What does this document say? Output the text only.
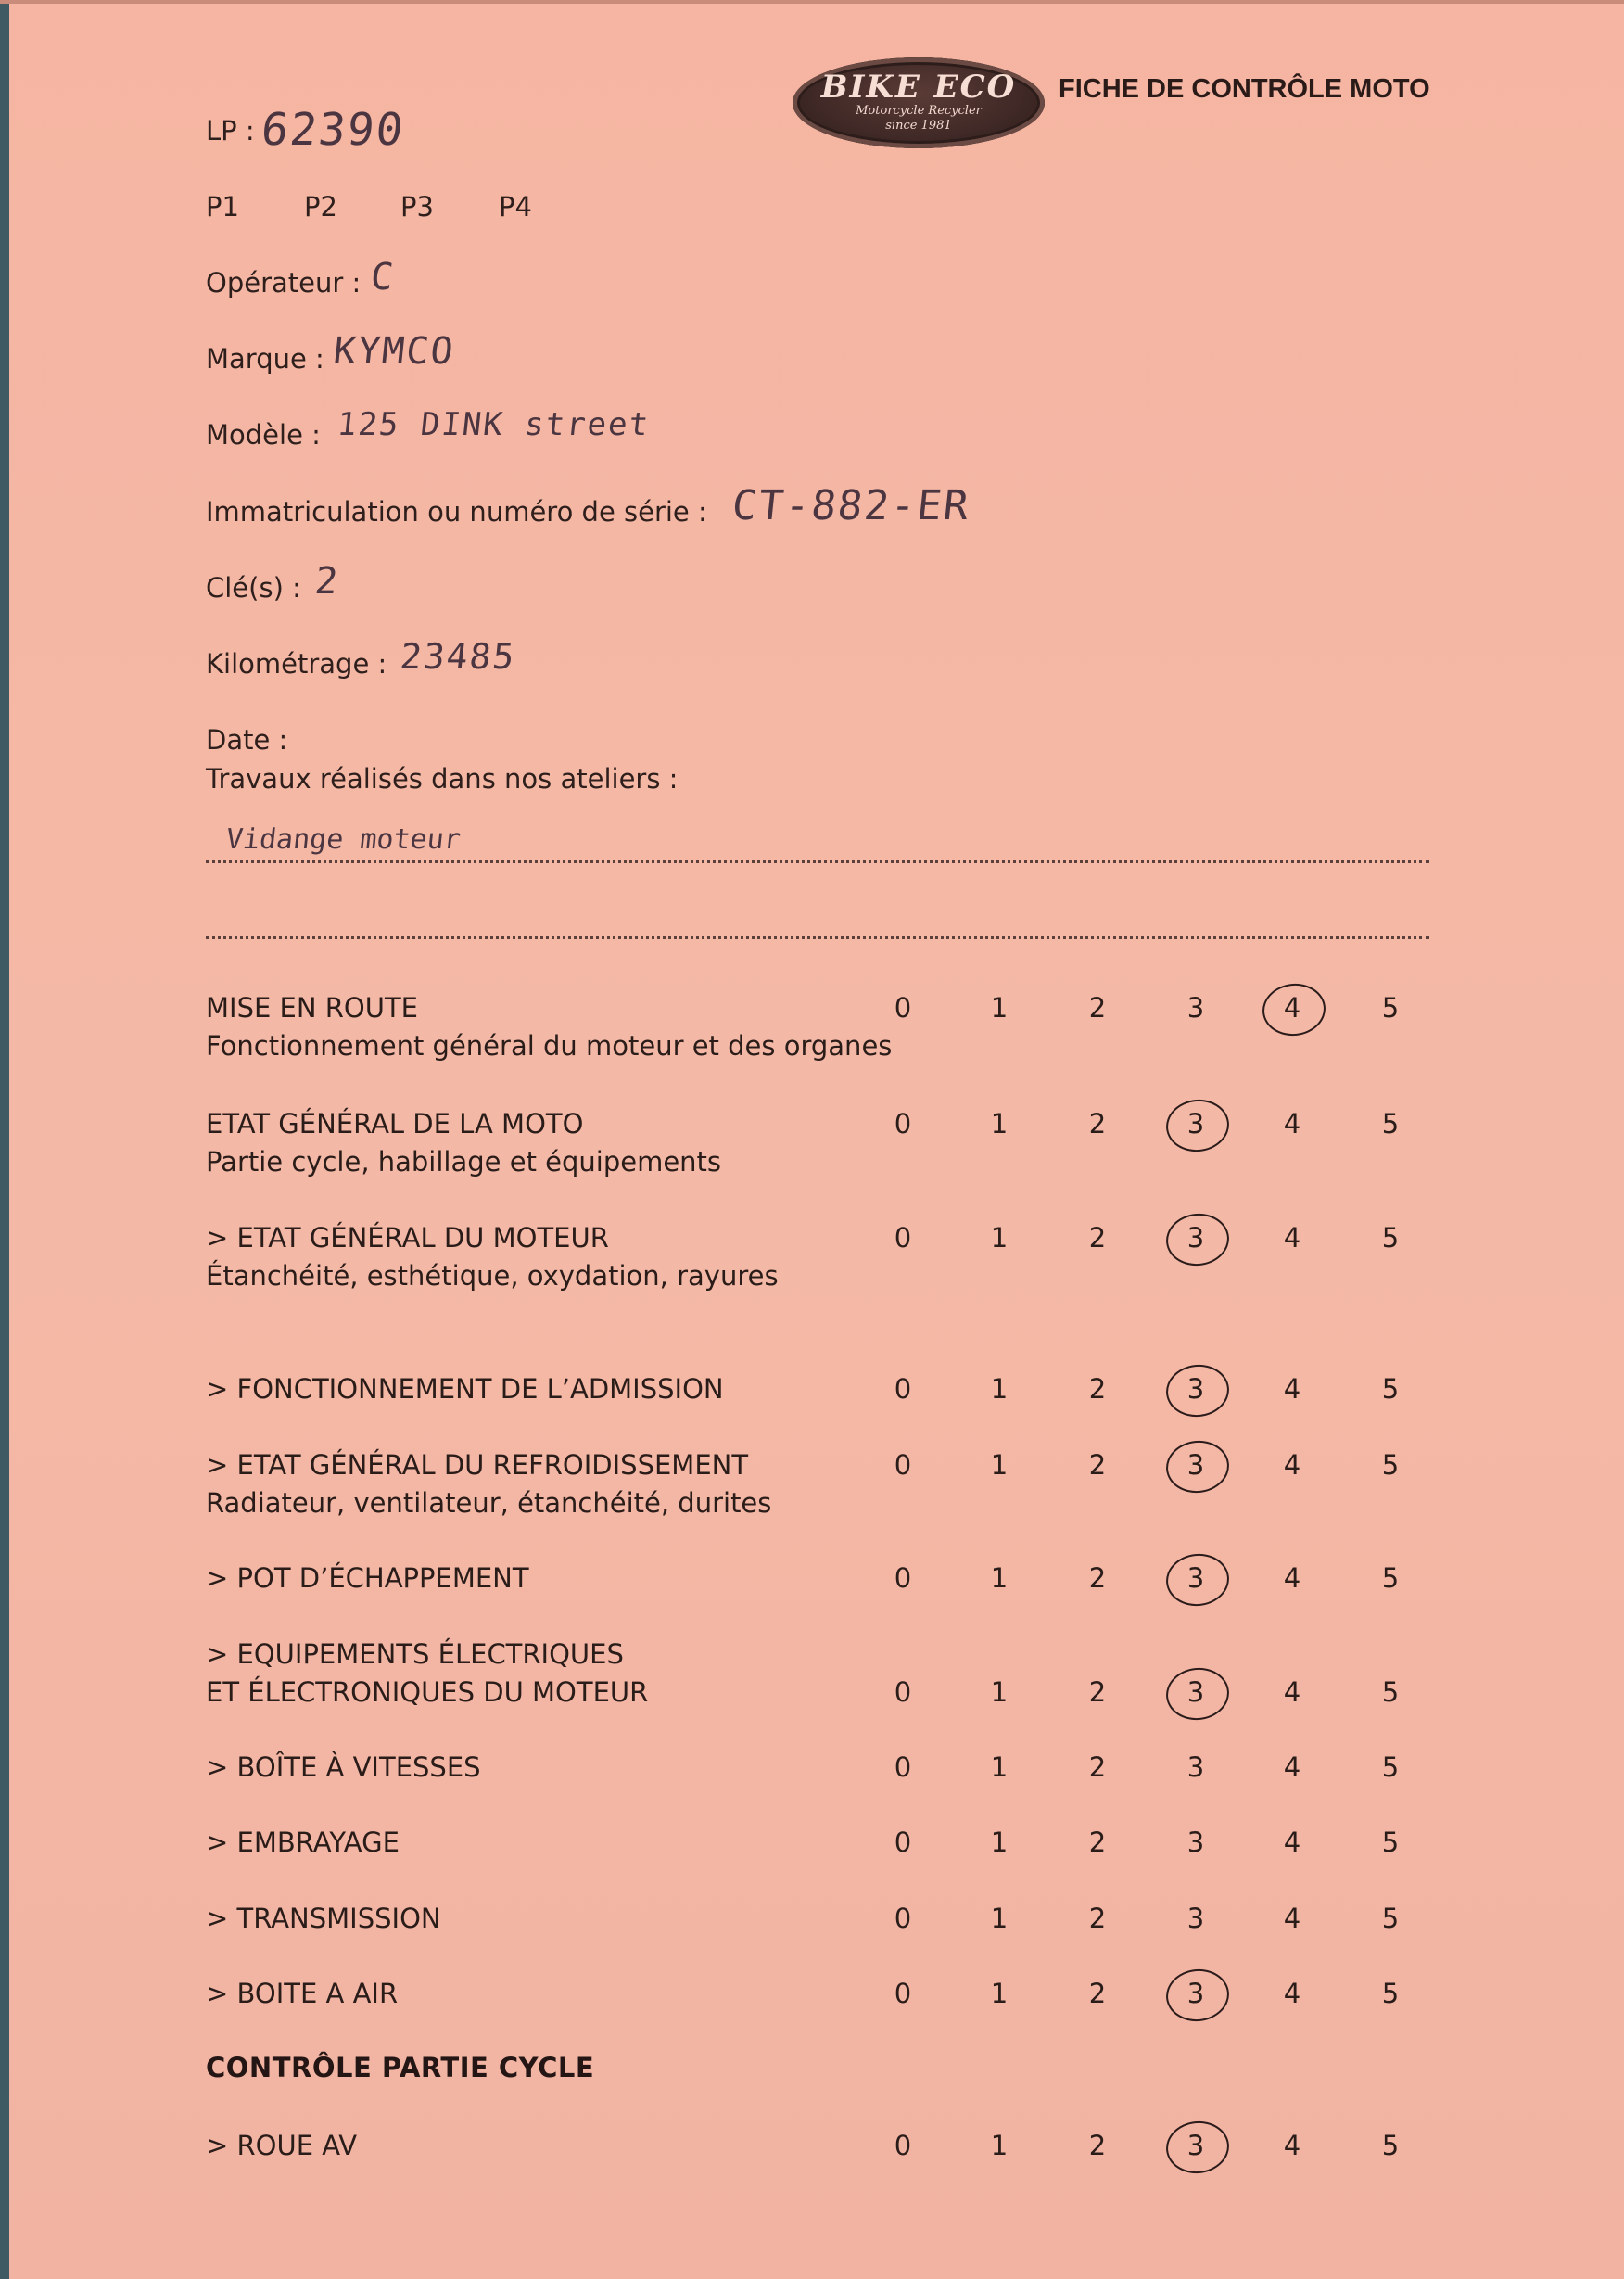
BIKE ECO
Motorcycle Recycler
since 1981
FICHE DE CONTRÔLE MOTO
LP : 62390
P1 P2 P3 P4
Opérateur : C
Marque : KYMCO
Modèle : 125 DINK street
Immatriculation ou numéro de série : CT-882-ER
Clé(s) : 2
Kilométrage : 23485
Date :
Travaux réalisés dans nos ateliers :
Vidange moteur
MISE EN ROUTE
Fonctionnement général du moteur et des organes
0	1	2	3	4	5
ETAT GÉNÉRAL DE LA MOTO
Partie cycle, habillage et équipements
0	1	2	3	4	5
> ETAT GÉNÉRAL DU MOTEUR
Étanchéité, esthétique, oxydation, rayures
0	1	2	3	4	5
> FONCTIONNEMENT DE L’ADMISSION	0	1	2	3	4	5
> ETAT GÉNÉRAL DU REFROIDISSEMENT
Radiateur, ventilateur, étanchéité, durites
0	1	2	3	4	5
> POT D’ÉCHAPPEMENT	0	1	2	3	4	5
> EQUIPEMENTS ÉLECTRIQUES
ET ÉLECTRONIQUES DU MOTEUR	0	1	2	3	4	5
> BOÎTE À VITESSES	0	1	2	3	4	5
> EMBRAYAGE	0	1	2	3	4	5
> TRANSMISSION	0	1	2	3	4	5
> BOITE A AIR	0	1	2	3	4	5
CONTRÔLE PARTIE CYCLE
> ROUE AV	0	1	2	3	4	5
